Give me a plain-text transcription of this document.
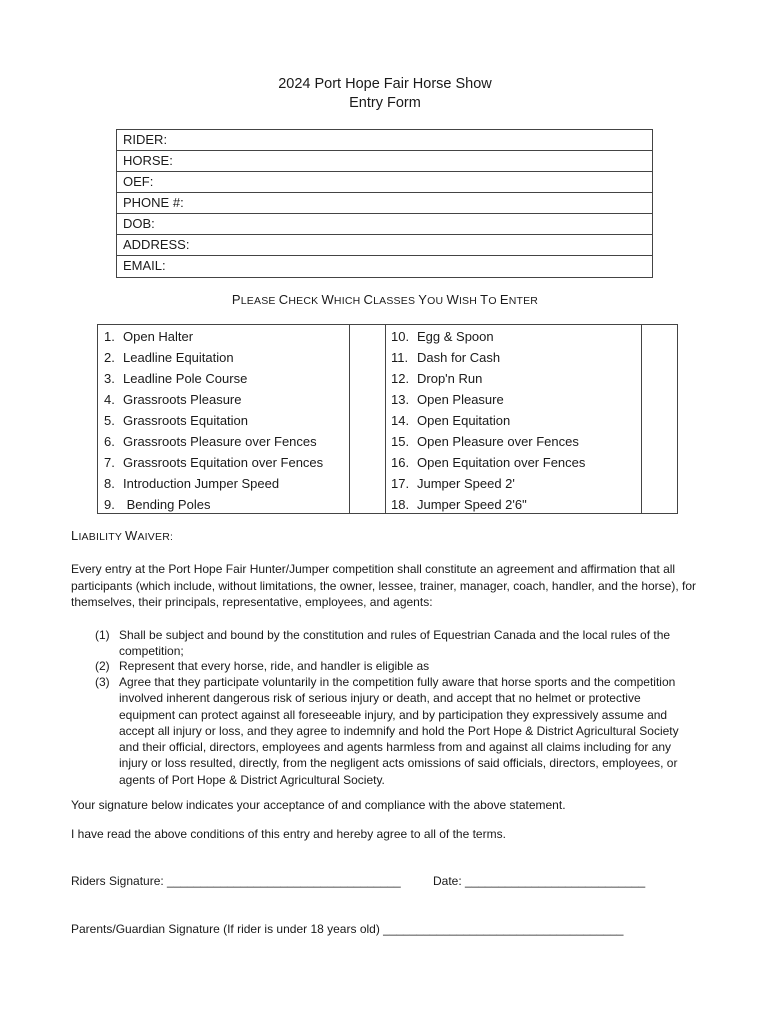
2024 Port Hope Fair Horse Show
Entry Form
RIDER:
HORSE:
OEF:
PHONE #:
DOB:
ADDRESS:
EMAIL:
PLEASE CHECK WHICH CLASSES YOU WISH TO ENTER
1. Open Halter
2. Leadline Equitation
3. Leadline Pole Course
4. Grassroots Pleasure
5. Grassroots Equitation
6. Grassroots Pleasure over Fences
7. Grassroots Equitation over Fences
8. Introduction Jumper Speed
9. Bending Poles
10. Egg & Spoon
11. Dash for Cash
12. Drop'n Run
13. Open Pleasure
14. Open Equitation
15. Open Pleasure over Fences
16. Open Equitation over Fences
17. Jumper Speed 2'
18. Jumper Speed 2'6"
LIABILITY WAIVER:
Every entry at the Port Hope Fair Hunter/Jumper competition shall constitute an agreement and affirmation that all participants (which include, without limitations, the owner, lessee, trainer, manager, coach, handler, and the horse), for themselves, their principals, representative, employees, and agents:
(1) Shall be subject and bound by the constitution and rules of Equestrian Canada and the local rules of the competition;
(2) Represent that every horse, ride, and handler is eligible as
(3) Agree that they participate voluntarily in the competition fully aware that horse sports and the competition involved inherent dangerous risk of serious injury or death, and accept that no helmet or protective equipment can protect against all foreseeable injury, and by participation they expressively assume and accept all injury or loss, and they agree to indemnify and hold the Port Hope & District Agricultural Society and their official, directors, employees and agents harmless from and against all claims including for any injury or loss resulted, directly, from the negligent acts omissions of said officials, directors, employees, or agents of Port Hope & District Agricultural Society.
Your signature below indicates your acceptance of and compliance with the above statement.
I have read the above conditions of this entry and hereby agree to all of the terms.
Riders Signature: ___________________________________	Date: ___________________________
Parents/Guardian Signature (If rider is under 18 years old) ____________________________________
